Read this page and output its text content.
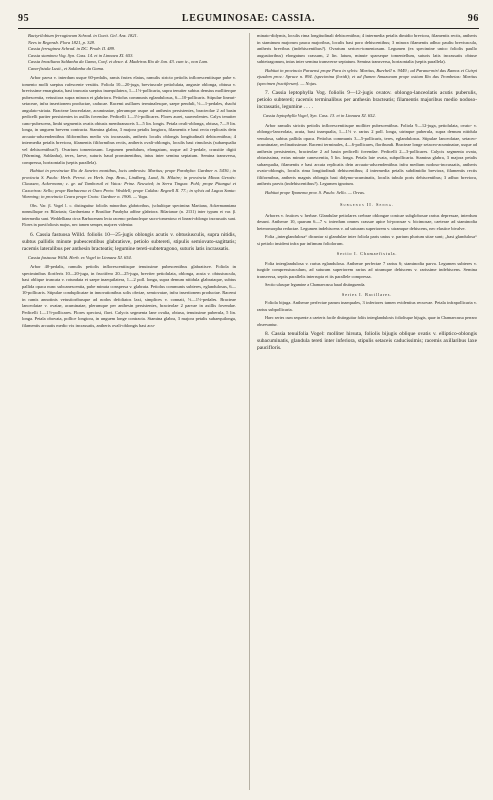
95	LEGUMINOSAE: CASSIA.	96

Bactyrilobium ferrugineum Schrad. in Goett. Gel. Anz. 1821.

Nees in Regensb. Flora 1821, p. 328.

Cassia ferruginea Schrad. in DC. Prodr. II. 489.

Cassia stamineu Vog. Syn. Cass. 14. et in Linnaea XI. 653.

Cassia brasiliana Saldanha da Gama, Conf. et descr. d. Madeiras Rio de Jan. 43. cum ic., non Lam.

Cana-fistula Lusit., et Saldanha da Gama.

Arbor parva v. interdum usque 60-pedalis, ramis frutex elatus, ramulis stricto petiolis inflorescentiisque pube v. tomento molli saepius rufescente vestitis. Foliola 10—20-juga, breviuscule petiolulata, anguste oblonga, obtusa v. brevissime emarginata, basi truncata saepius inaequilatera, 1—1½-pollicaria, supra tenuiter subtus densius molliterque pubescentia, vetustiora supra minora et glabriora. Petiolus communis eglandulosus, 6—10-pollicaris. Stipulae lineari-setaceae, infra insertionem productae, caducae. Racemi axillares terminalesque, saepe penduli, ½—1-pedales, rhachi angulato-striata. Bracteae lanceolatae, acuminatae, plerumque usque ad anthesin persistentes, bracteolae 2 ad basin pedicelli pariter persistentes in axillis fovendae. Pedicelli 1—1½-pollicares. Flores aurei, suaveolentes. Calyx tenuiter cano-pubescens, limbi segmentis ovatis obtusis membranaceis 3—5 lin. longis. Petala ovali-oblonga, obtusa, 7—9 lin. longa, in unguem brevem contracta. Stamina glabra, 3 majora petalis longiora, filamentis e basi recta replicatis dein arcuato-adscendentibus filiformibus medio vix incrassatis, antheris localis oblongis longitudinali dehiscentibus; 4 intermedia petalis breviora, filamentis filiformibus rectis, antheris ovali-oblongis, loculis basi rimulosis (subaequalia vel dehiscentibus?). Ovarium tomentosum. Legumen pendulum, elongatum, usque ad 2-pedale, crassitie digiti (Warming, Saldanha), teres, laeve, suturis haud prominentibus, intus inter semina septatum. Semina transversa, compressa, horizontalia (septis parallela).

Habitat in provinciae Rio de Janeiro montibus, locis umbrosis: Martius; prope Parahyba: Gardner n. 5430.; in provincia S. Paulo: Herb. Perrot. ex Herb. Imp. Bras., Lindberg, Lund, St. Hilaire; in provincia Minas Geraës: Claussen, Ackermann; c. gr. ad Tamboruil et Vatos: Prinz. Neuwied; in Serra Tingua: Pohl; prope Pitangui et Caxoeiras: Sello; prope Barbacena et Ouro Preto: Weddell; prope Caldas: Regnell II. 77.; in sylvis ad Lagoa Santa: Warming; in provincia Ceara prope Crato: Gardner n. 1906. — Vaga.

Obs. Var. β. Vogel l. c. distinguitur foliolis minoribus glabrioribus, (schultique specimina Martiana, Ackermanniana nonnullaque ex Bilariasis; Gardneriana e Brasiliae Parahyba adfine glabriora. Bilarianae (n. 2131) inter typum et var. β. intermedia sunt. Weddelliana circa Barbacenam lecta racemo peduncleque sacro-tomentoso et lineari-oblongo incrassatis sunt. Flores in parvifoliosis majus, nec tamen semper, majores videntur.

6. Cassia fastuosa Willd. foliolis 10—25-jugis oblongis acutis v. obtusiusculis, supra nitidis, subtus pallidis minute pubescentibus glabratisve, petiolo subtereti, stipulis semiovato-sagittatis; racemis lateralibus per anthesin bracteatis; legumine tereti-subtetragono, suturis latis incrassatis.

Cassia fastuosa Willd. Herb. ex Vogel in Linnaea XI. 654.

Arbor 40-pedalis, ramulis petiolis inflorescentiisque tenuissime pubescentibus glabratisve. Foliola in speciminibus floriferis 10—20-juga, in fructifero 20—25-juga, breviter petiolulata, oblonga, acuta v. obtusiuscula, basi oblique truncata v. rotundata et saepe inaequilatera, 1—2 poll. longa, supra demum nitidula glabrataque, subtus pallida opaca nunc subcanescentia, pube minuta conspersa v. glabrata. Petiolus communis subteres, eglandulosus, 6—10-pollicaris. Stipulae conduplicatae in innovationibus solis obviae, semiovatae, infra insertionem productae. Racemi in ramis annotinis vetustioribusque ad nodos defoliatos laxi, simplices v. connati, ½—1½-pedales. Bracteae lanceolatae v. ovatae, acuminatae, plerumque per anthesin persistentes, bracteolae 2 parvae in axillis fovendae. Pedicelli 1—1½-pollicares. Flores speciosi, flavi. Calycis segmenta lane ovalia, obtusa, tenuissime puberula, 5 lin. longa. Petala obovata, pollice longiora, in unguem longe contracta. Stamina glabra, 3 majora petalis subaequilonga, filamentis arcuatis medio vix incrassatis, antheris ovali-oblongis basi acu-

minato-didymis, loculis rima longitudinali dehiscentibus; 4 intermedia petalis dimidio breviora, filamentis rectis, antheris in staminum majorum pauca majoribus, loculis basi poro dehiscentibus; 3 minora filamentis adhuc pauliu breviuscula, antheris brevibus (indehiscentibus?). Ovarium sericeo-tomentosum. Legumen (ex specimine unico foliolis paullo augustioribus) elongatum crassum, 2 lin. latum, minute sparseque tomentellum, suturis latis incrassatis obtuse subtetragonum, intus inter semina transverse septatum. Semina transversa, horizontalia (septis parallela).

Habitat in provincia Paraensi prope Para in sylvis: Martius, Burchell n. 9449.; ad Parana-mirí das Ramos et Cuirpi ejusdem prov.: Spruce n. 894. (specimina floridi); et ad flumen Amazonum prope ostium Rio das Trombetas: Martius (specimen fructiferum). — Nojas.

7. Cassia leptophylla Vog. foliolis 9—12-jugis ovatov. oblongo-lanceolatis acutis puberulis, petiolo subtereti; racemis terminalibus per anthesin bracteatis; filamentis majoribus medio nodoso-incrassatis, legumine . . . .

Cassia leptophylla Vogel, Syn. Cass. 13. et in Linnaea XI. 652.

Arbor ramulis strictis petiolis inflorescentiisque molliter pubescentibus. Foliola 9—12-juga, petiolulata, ovato- v. oblongo-lanceolata, acuta, basi inaequalia, 1—1½ v. rarius 2 poll. longa, utrinque puberula, supra demum nitidula venulosa, subtus pallida opaca. Petiolus communis 3—5-pollicaris, teres, eglandulosus. Stipulae lanceolatae, setaceo-acuminatae, reclinatissimae. Racemi terminales, 4—6-pollicares, floribundi. Bracteae longe setaceo-acuminatae, usque ad anthesin persistentes, bracteolae 2 ad basin pedicelli fovendae. Pedicelli 2—3-pollicares. Calycis segmenta ovata, obtusissima, extus minute canescentia, 5 lin. longa. Petala late ovata, subpollicaria. Stamina glabra, 3 majora petalis subaequalia, filamentis e basi arcata replicatis dein arcuato-adscendentibus infra medium nodoso-incrassatis, antheris ovato-oblongis, loculis rima longitudinali dehiscentibus; 4 intermedia petalis subdimidio breviora, filamentis rectis filiformibus, antheris magnis oblongis basi didymo-acuminatis, loculis tubulo poris dehiscentibus; 3 adhuc breviora, antheris parvis (indehiscentibus?). Legumen ignotum.

Habitat prope Ypanema prov. S. Paulo: Sello. — Oreas.

Subgenus II. Senna.

Arbores v. frutices v. herbae. Glandulae petiolares crebrae oblongae conicae subglobosae rarius depressae, interdum desunt. Antherae 10, quarum 6—7 v. interdum omnes crassae apice bi-porosae v. bicimosae, caeterae ad staminodia heteromorpha redactae. Legumen indehiscens v. ad suturam superiorem v. utramque dehiscens, nec elastice bivalve.

Folia „interglandulosa“ dicuntur si glandulae inter foliola paris unius v. parium plurium sitae sunt; „basi glandulosa“ si petiolo insident infra par infimum foliolorum.

Sectio I. Chamaefistula.

Folia interglandulosa v. rarius eglandulosa. Antherae perfectae 7 rarius 6; staminodia parva. Legumen subteres v. turgide compressiusculum, ad suturam superiorem rarius ad utramque dehiscens v. rarissime indehiscens. Semina transversa, septis parallelis interrupta et iis parallele compressa.

Sectio ulusque legumine a Chamaecassa haud distinguenda.

Series I. Bacillares.

Foliola bijuga. Antherae perfectae parum inaequales, 3 inferiores tamen evidentius recurvae. Petala infrapollicaria v. rarius subpollicaria.

Haec series cum sequente a caeteris facile distinguitur foliis interglandulosis foliolisque bijugis, quae in Chamaecassa perraro observantur.

8. Cassia tenuifolia Vogel: molliter hirsuta, foliolis bijugis oblique ovatis v. elliptico-oblongis subacuminatis, glandula tereti inter inferiora, stipulis setaceis caducissimis; racemis axillaribus laxe pauciflorís.
